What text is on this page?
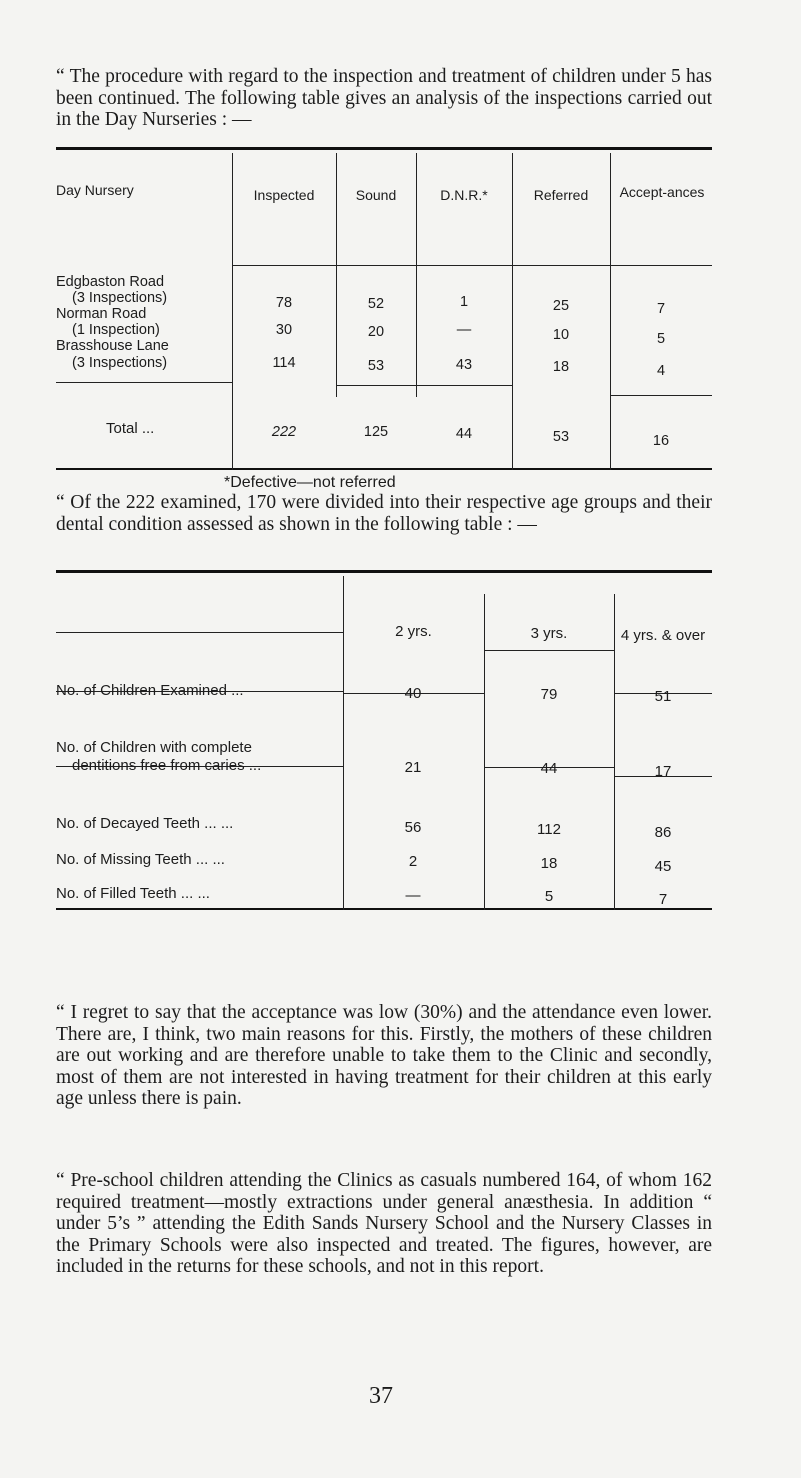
“ The procedure with regard to the inspection and treatment of children under 5 has been continued. The following table gives an analysis of the inspections carried out in the Day Nurseries : —

Day Nursery	Inspected	Sound	D.N.R.*	Referred	Accept-ances
Edgbaston Road
(3 Inspections)	78	52	1	25	7
Norman Road
(1 Inspection)	30	20	—	10	5
Brasshouse Lane
(3 Inspections)	114	53	43	18	4
Total ...	222	125	44	53	16
*Defective—not referred

“ Of the 222 examined, 170 were divided into their respective age groups and their dental condition assessed as shown in the following table : —

2 yrs.	3 yrs.	4 yrs. & over
No. of Children Examined ...	40	79	51
No. of Children with complete
dentitions free from caries ...	21	44	17
No. of Decayed Teeth ... ...	56	112	86
No. of Missing Teeth ... ...	2	18	45
No. of Filled Teeth ... ...	—	5	7

“ I regret to say that the acceptance was low (30%) and the attendance even lower. There are, I think, two main reasons for this. Firstly, the mothers of these children are out working and are therefore unable to take them to the Clinic and secondly, most of them are not interested in having treatment for their children at this early age unless there is pain.

“ Pre-school children attending the Clinics as casuals numbered 164, of whom 162 required treatment—mostly extractions under general anæsthesia. In addition “ under 5’s ” attending the Edith Sands Nursery School and the Nursery Classes in the Primary Schools were also inspected and treated. The figures, however, are included in the returns for these schools, and not in this report.

37
